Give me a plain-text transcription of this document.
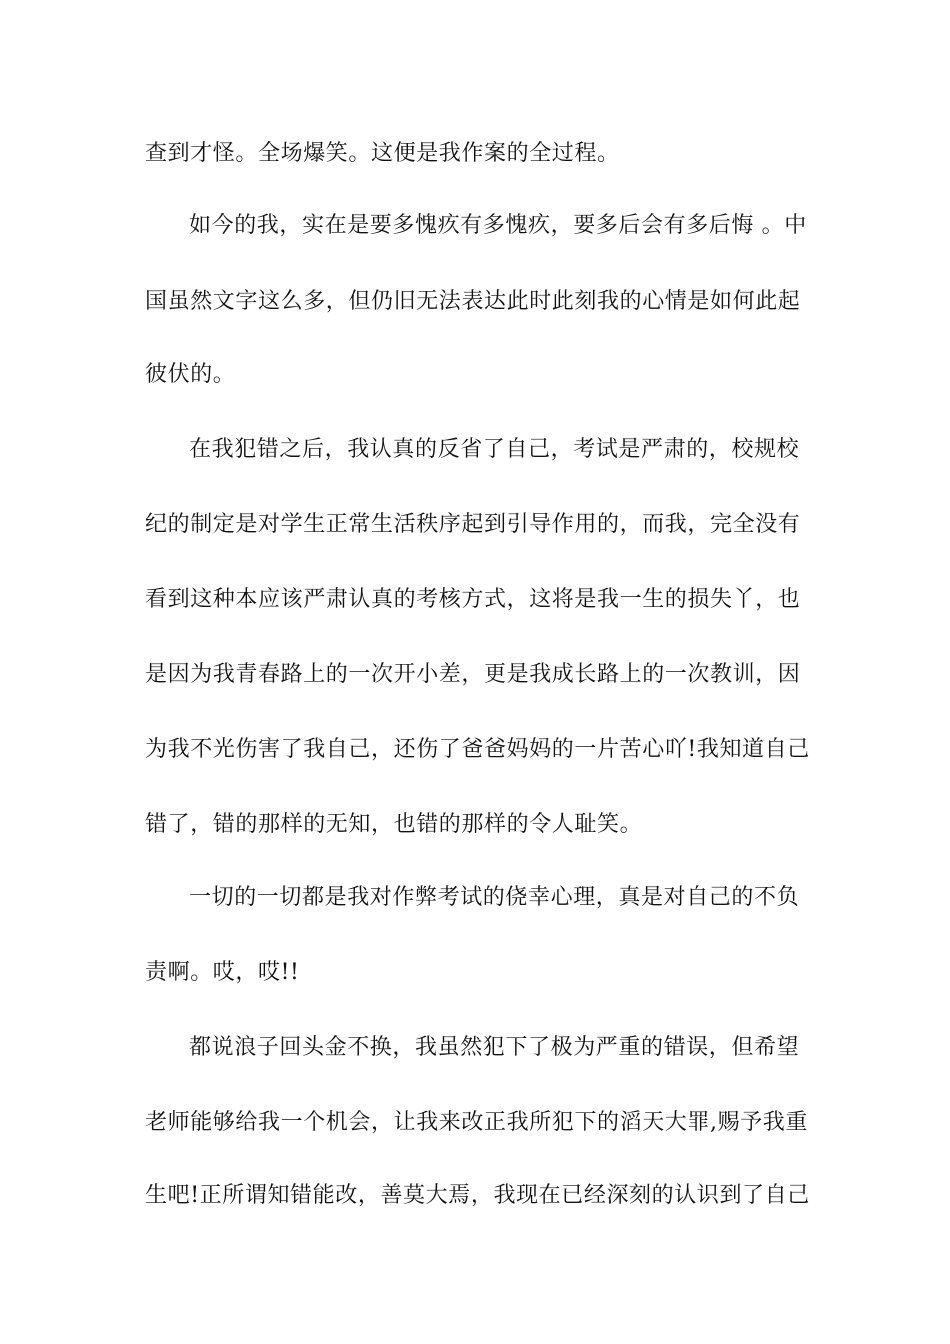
查到才怪。全场爆笑。这便是我作案的全过程。
如今的我，实在是要多愧疚有多愧疚，要多后会有多后悔 。中
国虽然文字这么多，但仍旧无法表达此时此刻我的心情是如何此起
彼伏的。
在我犯错之后，我认真的反省了自己，考试是严肃的，校规校
纪的制定是对学生正常生活秩序起到引导作用的，而我，完全没有
看到这种本应该严肃认真的考核方式，这将是我一生的损失丫，也
是因为我青春路上的一次开小差，更是我成长路上的一次教训，因
为我不光伤害了我自己，还伤了爸爸妈妈的一片苦心吖!我知道自己
错了，错的那样的无知，也错的那样的令人耻笑。
一切的一切都是我对作弊考试的侥幸心理，真是对自己的不负
责啊。哎，哎!!
都说浪子回头金不换，我虽然犯下了极为严重的错误，但希望
老师能够给我一个机会，让我来改正我所犯下的滔天大罪,赐予我重
生吧!正所谓知错能改，善莫大焉，我现在已经深刻的认识到了自己
